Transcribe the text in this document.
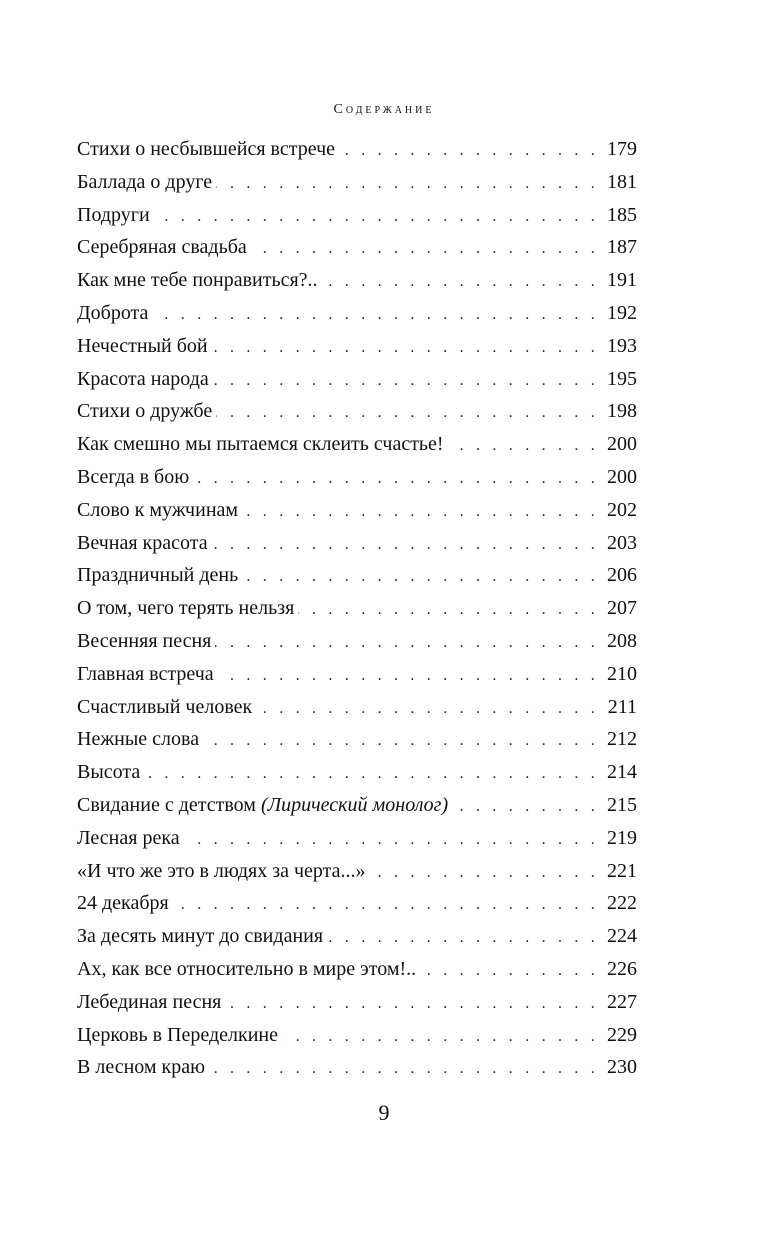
Содержание
Стихи о несбывшейся встрече . . .	179
Баллада о друге . . .	181
Подруги . . .	185
Серебряная свадьба . . .	187
Как мне тебе понравиться?.. . . .	191
Доброта . . .	192
Нечестный бой . . .	193
Красота народа . . .	195
Стихи о дружбе . . .	198
Как смешно мы пытаемся склеить счастье! . . .	200
Всегда в бою . . .	200
Слово к мужчинам . . .	202
Вечная красота . . .	203
Праздничный день . . .	206
О том, чего терять нельзя . . .	207
Весенняя песня . . .	208
Главная встреча . . .	210
Счастливый человек . . .	211
Нежные слова . . .	212
Высота . . .	214
Свидание с детством (Лирический монолог) . . .	215
Лесная река . . .	219
«И что же это в людях за черта...» . . .	221
24 декабря . . .	222
За десять минут до свидания . . .	224
Ах, как все относительно в мире этом!.. . . .	226
Лебединая песня . . .	227
Церковь в Переделкине . . .	229
В лесном краю . . .	230
9
